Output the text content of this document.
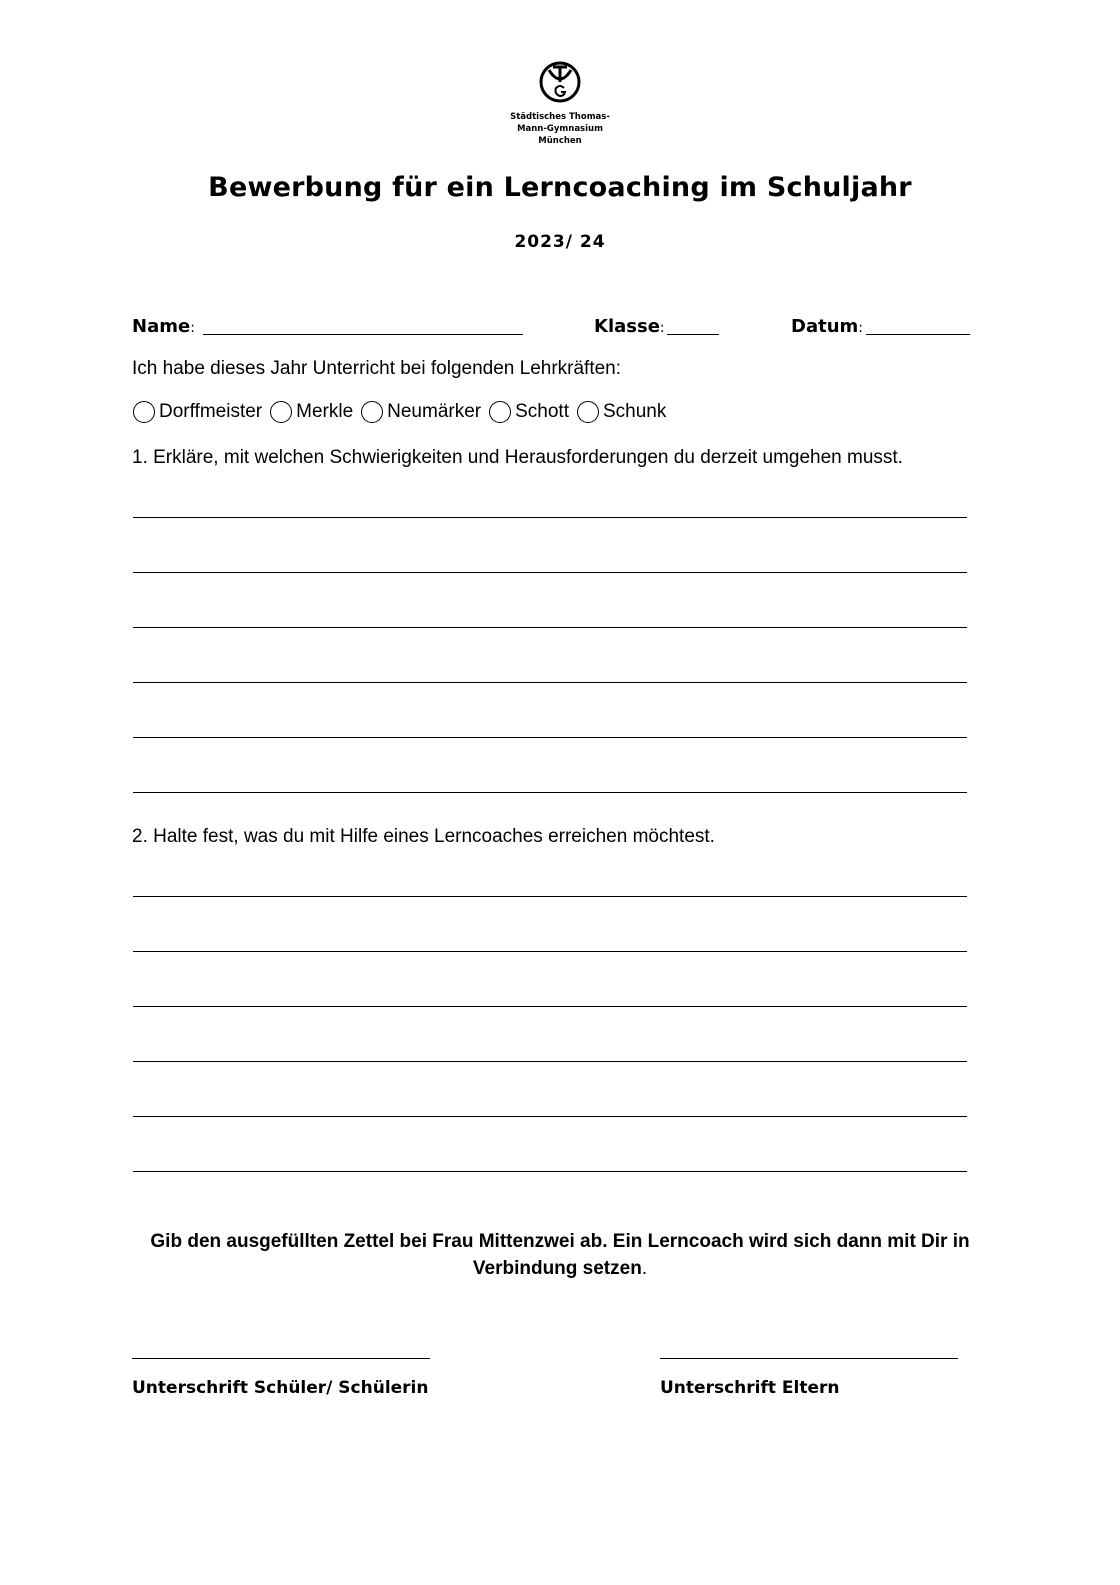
Städtisches Thomas-
Mann-Gymnasium
München
Bewerbung für ein Lerncoaching im Schuljahr
2023/ 24
Name:	Klasse:	Datum:
Ich habe dieses Jahr Unterricht bei folgenden Lehrkräften:
Dorffmeister Merkle Neumärker Schott Schunk
1. Erkläre, mit welchen Schwierigkeiten und Herausforderungen du derzeit umgehen musst.
2. Halte fest, was du mit Hilfe eines Lerncoaches erreichen möchtest.
Gib den ausgefüllten Zettel bei Frau Mittenzwei ab. Ein Lerncoach wird sich dann mit Dir in
Verbindung setzen.
Unterschrift Schüler/ Schülerin	Unterschrift Eltern
